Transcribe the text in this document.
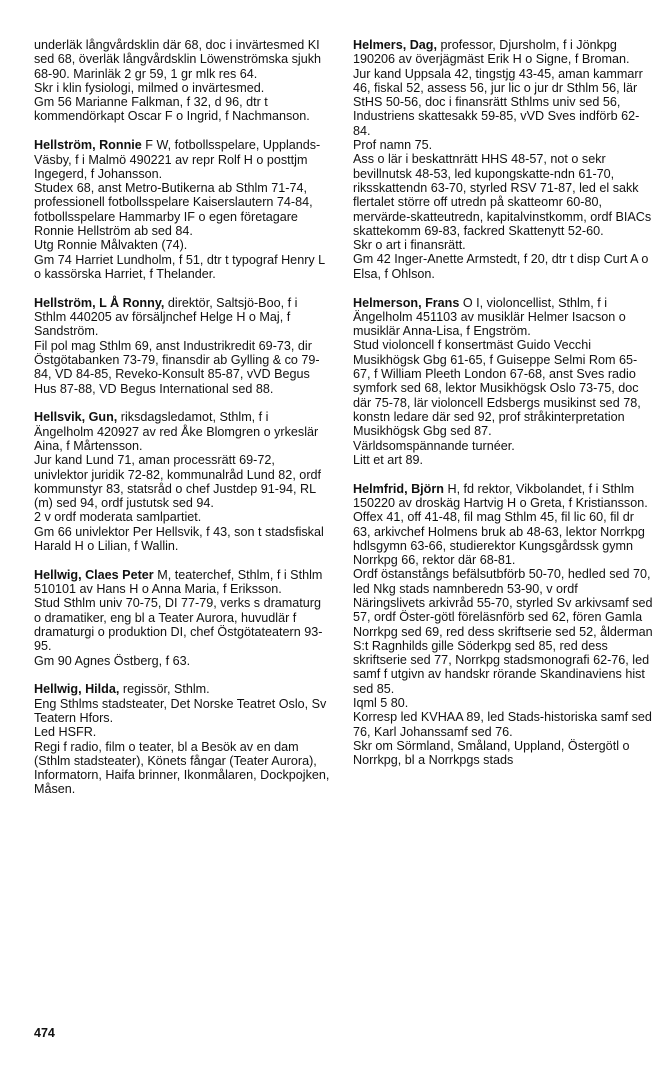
underläk långvårdsklin där 68, doc i invärtesmed KI sed 68, överläk långvårdsklin Löwenströmska sjukh 68-90. Marinläk 2 gr 59, 1 gr mlk res 64.

Skr i klin fysiologi, milmed o invärtesmed.

Gm 56 Marianne Falkman, f 32, d 96, dtr t kommendörkapt Oscar F o Ingrid, f Nachmanson.

Hellström, Ronnie F W, fotbollsspelare, Upplands-Väsby, f i Malmö 490221 av repr Rolf H o posttjm Ingegerd, f Johansson.

Studex 68, anst Metro-Butikerna ab Sthlm 71-74, professionell fotbollsspelare Kaiserslautern 74-84, fotbollsspelare Hammarby IF o egen företagare Ronnie Hellström ab sed 84.

Utg Ronnie Målvakten (74).

Gm 74 Harriet Lundholm, f 51, dtr t typograf Henry L o kassörska Harriet, f Thelander.

Hellström, L Å Ronny, direktör, Saltsjö-Boo, f i Sthlm 440205 av försäljnchef Helge H o Maj, f Sandström.

Fil pol mag Sthlm 69, anst Industrikredit 69-73, dir Östgötabanken 73-79, finansdir ab Gylling & co 79-84, VD 84-85, Reveko-Konsult 85-87, vVD Begus Hus 87-88, VD Begus International sed 88.

Hellsvik, Gun, riksdagsledamot, Sthlm, f i Ängelholm 420927 av red Åke Blomgren o yrkeslär Aina, f Mårtensson.

Jur kand Lund 71, aman processrätt 69-72, univlektor juridik 72-82, kommunalråd Lund 82, ordf kommunstyr 83, statsråd o chef Justdep 91-94, RL (m) sed 94, ordf justutsk sed 94.

2 v ordf moderata samlpartiet.

Gm 66 univlektor Per Hellsvik, f 43, son t stadsfiskal Harald H o Lilian, f Wallin.

Hellwig, Claes Peter M, teaterchef, Sthlm, f i Sthlm 510101 av Hans H o Anna Maria, f Eriksson.

Stud Sthlm univ 70-75, DI 77-79, verks s dramaturg o dramatiker, eng bl a Teater Aurora, huvudlär f dramaturgi o produktion DI, chef Östgötateatern 93-95.

Gm 90 Agnes Östberg, f 63.

Hellwig, Hilda, regissör, Sthlm.

Eng Sthlms stadsteater, Det Norske Teatret Oslo, Sv Teatern Hfors.

Led HSFR.

Regi f radio, film o teater, bl a Besök av en dam (Sthlm stadsteater), Könets fångar (Teater Aurora), Informatorn, Haifa brinner, Ikonmålaren, Dockpojken, Måsen.

Helmers, Dag, professor, Djursholm, f i Jönkpg 190206 av överjägmäst Erik H o Signe, f Broman.

Jur kand Uppsala 42, tingstjg 43-45, aman kammarr 46, fiskal 52, assess 56, jur lic o jur dr Sthlm 56, lär StHS 50-56, doc i finansrätt Sthlms univ sed 56, Industriens skattesakk 59-85, vVD Sves indförb 62-84.

Prof namn 75.

Ass o lär i beskattnrätt HHS 48-57, not o sekr bevillnutsk 48-53, led kupongskatte-ndn 61-70, riksskattendn 63-70, styrled RSV 71-87, led el sakk flertalet större off utredn på skatteomr 60-80, mervärde-skatteutredn, kapitalvinstkomm, ordf BIACs skattekomm 69-83, fackred Skattenytt 52-60.

Skr o art i finansrätt.

Gm 42 Inger-Anette Armstedt, f 20, dtr t disp Curt A o Elsa, f Ohlson.

Helmerson, Frans O I, violoncellist, Sthlm, f i Ängelholm 451103 av musiklär Helmer Isacson o musiklär Anna-Lisa, f Engström.

Stud violoncell f konsertmäst Guido Vecchi Musikhögsk Gbg 61-65, f Guiseppe Selmi Rom 65-67, f William Pleeth London 67-68, anst Sves radio symfork sed 68, lektor Musikhögsk Oslo 73-75, doc där 75-78, lär violoncell Edsbergs musikinst sed 78, konstn ledare där sed 92, prof stråkinterpretation Musikhögsk Gbg sed 87.

Världsomspännande turnéer.

Litt et art 89.

Helmfrid, Björn H, fd rektor, Vikbolandet, f i Sthlm 150220 av droskäg Hartvig H o Greta, f Kristiansson.

Offex 41, off 41-48, fil mag Sthlm 45, fil lic 60, fil dr 63, arkivchef Holmens bruk ab 48-63, lektor Norrkpg hdlsgymn 63-66, studierektor Kungsgårdssk gymn Norrkpg 66, rektor där 68-81.

Ordf östanstångs befälsutbförb 50-70, hedled sed 70, led Nkg stads namnberedn 53-90, v ordf Näringslivets arkivråd 55-70, styrled Sv arkivsamf sed 57, ordf Öster-götl föreläsnförb sed 62, fören Gamla Norrkpg sed 69, red dess skriftserie sed 52, ålderman S:t Ragnhilds gille Söderkpg sed 85, red dess skriftserie sed 77, Norrkpg stadsmonografi 62-76, led samf f utgivn av handskr rörande Skandinaviens hist sed 85.

Iqml 5 80.

Korresp led KVHAA 89, led Stads-historiska samf sed 76, Karl Johanssamf sed 76.

Skr om Sörmland, Småland, Uppland, Östergötl o Norrkpg, bl a Norrkpgs stads

474
